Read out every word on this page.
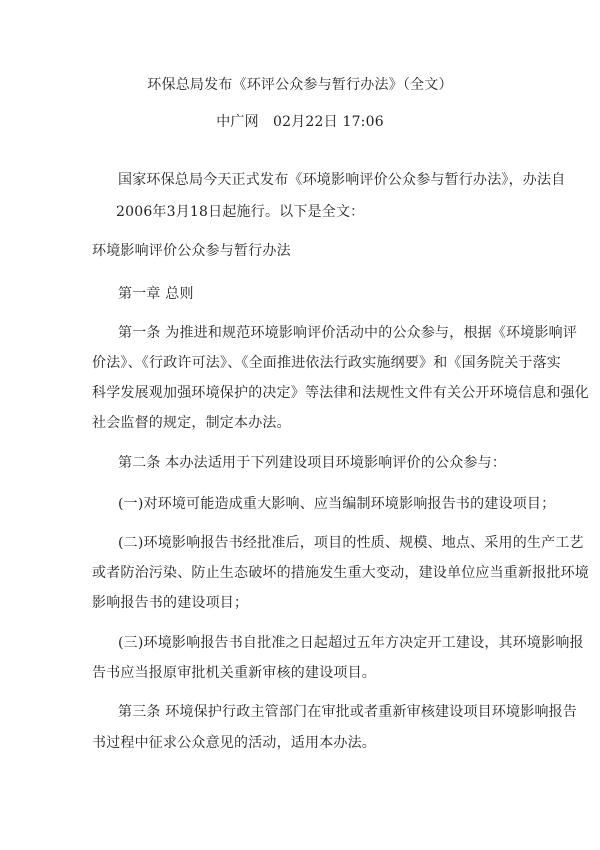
环保总局发布《环评公众参与暂行办法》（全文）
中广网　02月22日 17:06
国家环保总局今天正式发布《环境影响评价公众参与暂行办法》，办法自
2006年3月18日起施行。以下是全文：
环境影响评价公众参与暂行办法
第一章 总则
第一条 为推进和规范环境影响评价活动中的公众参与，根据《环境影响评
价法》、《行政许可法》、《全面推进依法行政实施纲要》和《国务院关于落实
科学发展观加强环境保护的决定》等法律和法规性文件有关公开环境信息和强化
社会监督的规定，制定本办法。
第二条 本办法适用于下列建设项目环境影响评价的公众参与：
(一)对环境可能造成重大影响、应当编制环境影响报告书的建设项目；
(二)环境影响报告书经批准后，项目的性质、规模、地点、采用的生产工艺
或者防治污染、防止生态破坏的措施发生重大变动，建设单位应当重新报批环境
影响报告书的建设项目；
(三)环境影响报告书自批准之日起超过五年方决定开工建设，其环境影响报
告书应当报原审批机关重新审核的建设项目。
第三条 环境保护行政主管部门在审批或者重新审核建设项目环境影响报告
书过程中征求公众意见的活动，适用本办法。
